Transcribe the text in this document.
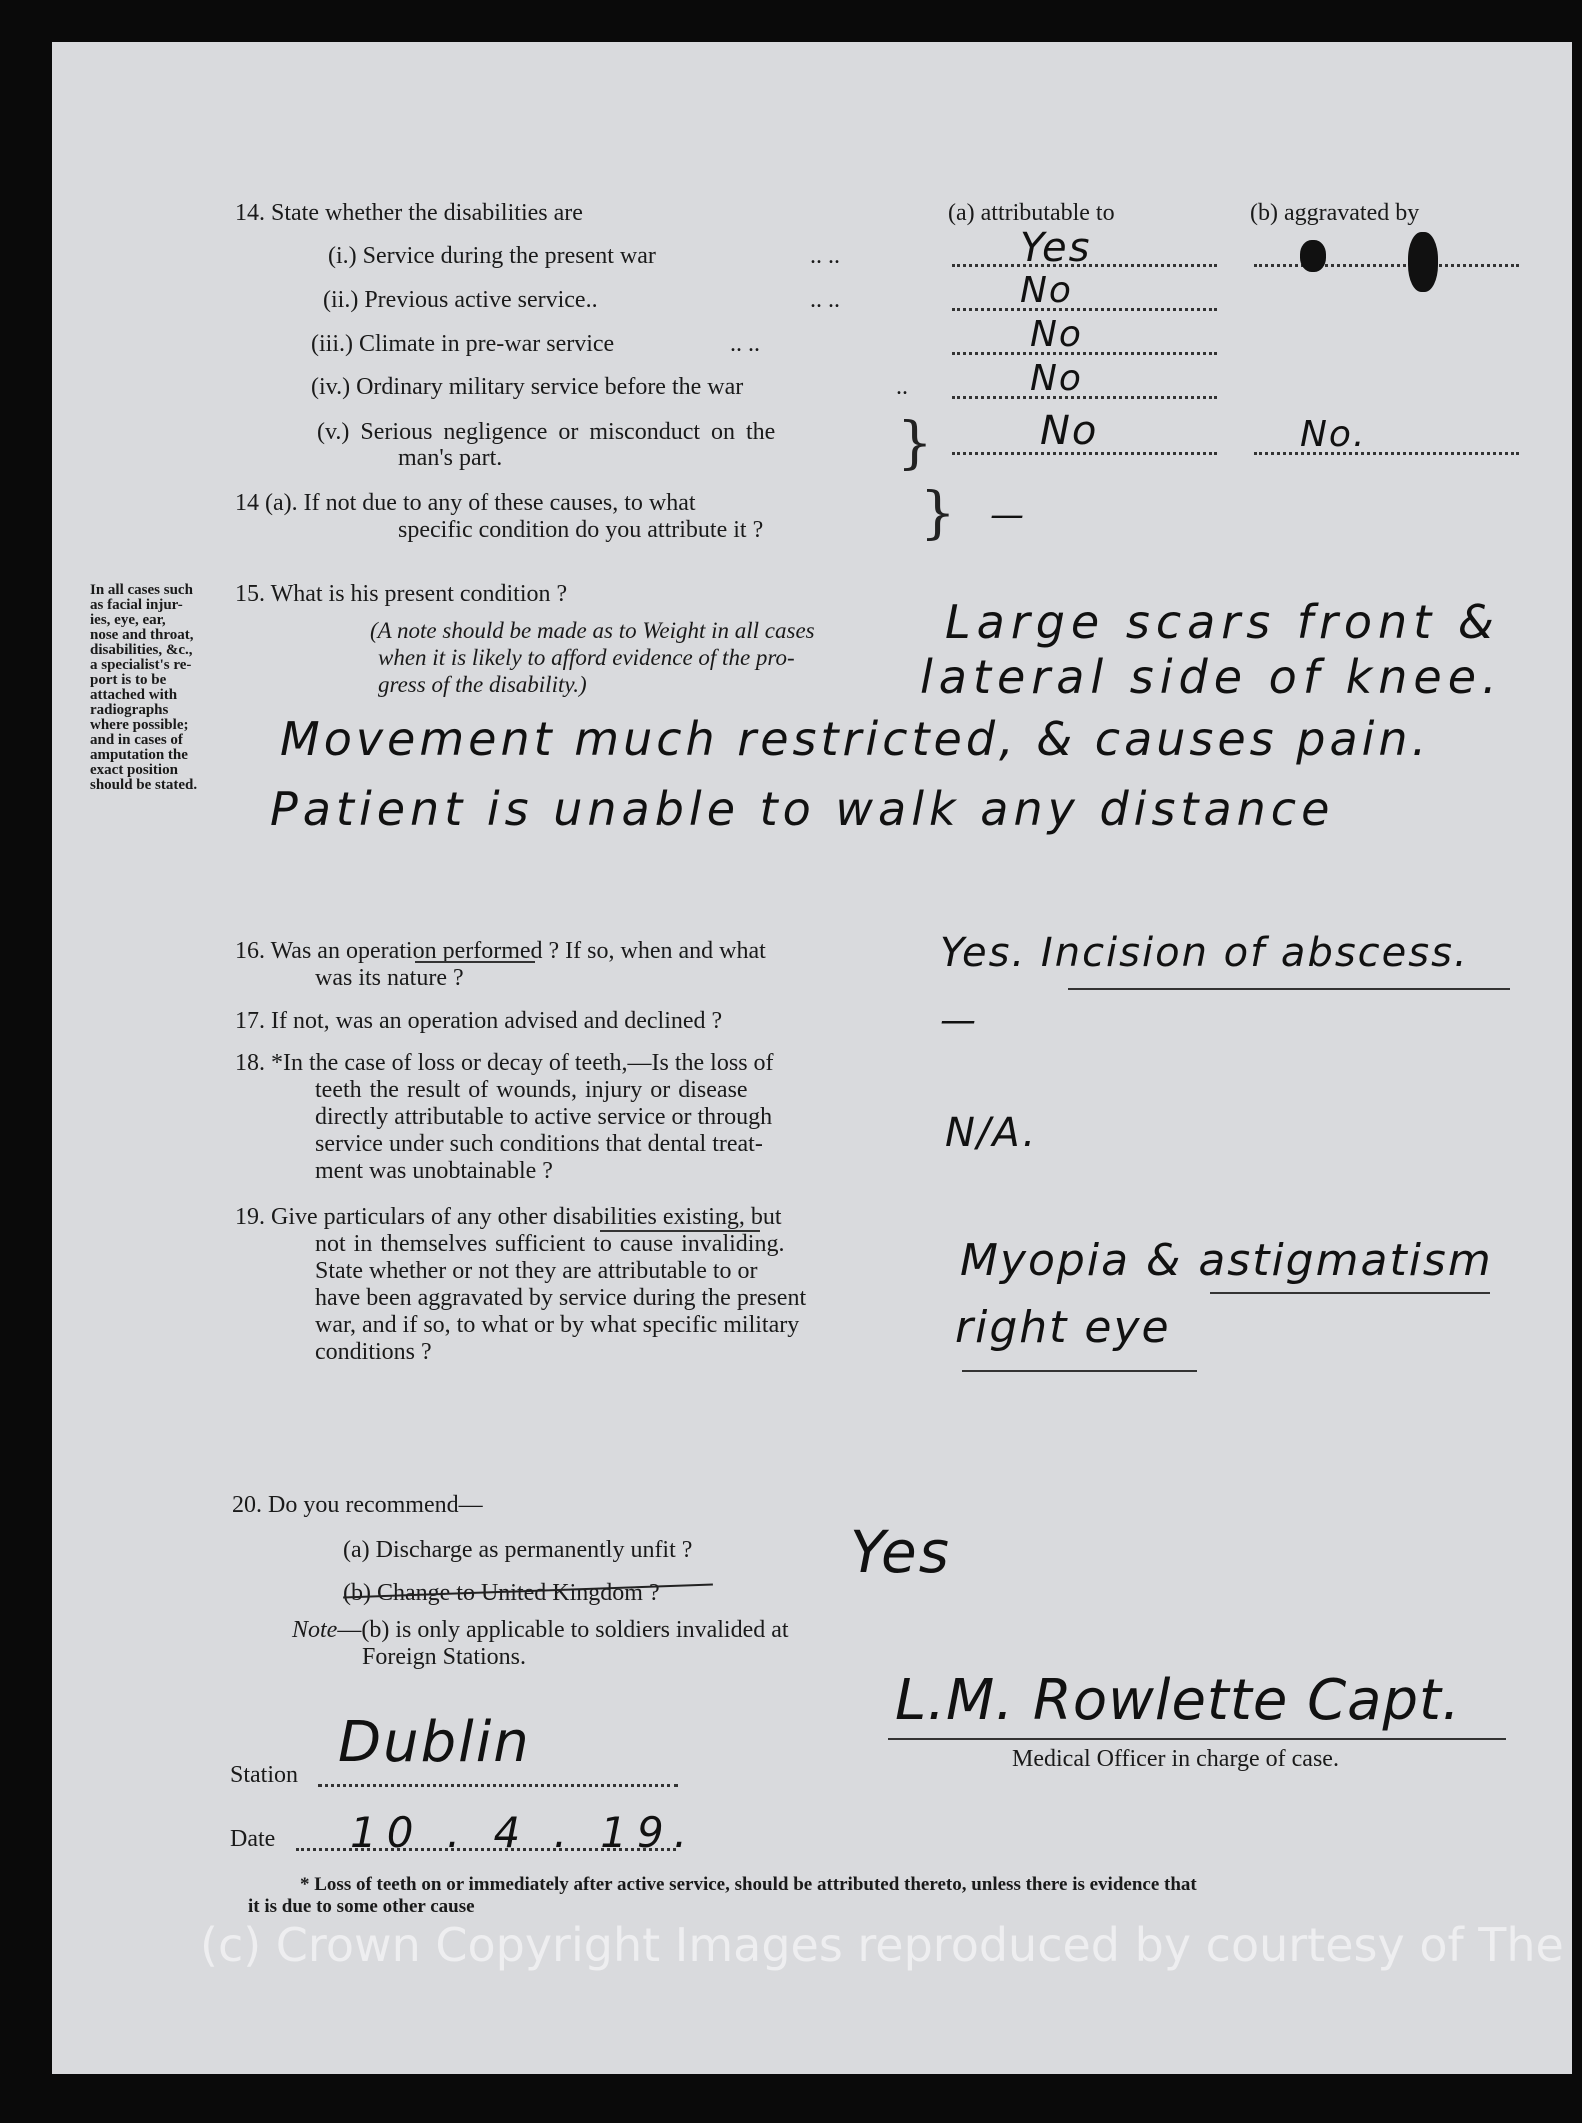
14. State whether the disabilities are	(a) attributable to	(b) aggravated by
(i.) Service during the present war	.. ..	Yes
(ii.) Previous active service..	.. ..	No
(iii.) Climate in pre-war service	.. ..	No
(iv.) Ordinary military service before the war	..	No
(v.) Serious negligence or misconduct on the
man's part.	}	No	No.
14 (a). If not due to any of these causes, to what
specific condition do you attribute it ?	} —
In all cases such
as facial injur-
ies, eye, ear,
nose and throat,
disabilities, &c.,
a specialist's re-
port is to be
attached with
radiographs
where possible;
and in cases of
amputation the
exact position
should be stated.
15. What is his present condition ?
(A note should be made as to Weight in all cases
when it is likely to afford evidence of the pro-
gress of the disability.)
Large scars front &
lateral side of knee.
Movement much restricted, & causes pain.
Patient is unable to walk any distance
16. Was an operation performed ? If so, when and what
was its nature ?
Yes. Incision of abscess.
17. If not, was an operation advised and declined ?	—
18. *In the case of loss or decay of teeth,—Is the loss of
teeth the result of wounds, injury or disease
directly attributable to active service or through
service under such conditions that dental treat-
ment was unobtainable ?
N/A.
19. Give particulars of any other disabilities existing, but
not in themselves sufficient to cause invaliding.
State whether or not they are attributable to or
have been aggravated by service during the present
war, and if so, to what or by what specific military
conditions ?
Myopia & astigmatism
right eye
20. Do you recommend—
(a) Discharge as permanently unfit ?
(b) Change to United Kingdom ?
Note—(b) is only applicable to soldiers invalided at
Foreign Stations.
Yes
L.M. Rowlette Capt.
Medical Officer in charge of case.
Station Dublin
Date 10 . 4 . 19.
* Loss of teeth on or immediately after active service, should be attributed thereto, unless there is evidence that
it is due to some other cause
(c) Crown Copyright Images reproduced by courtesy of The
